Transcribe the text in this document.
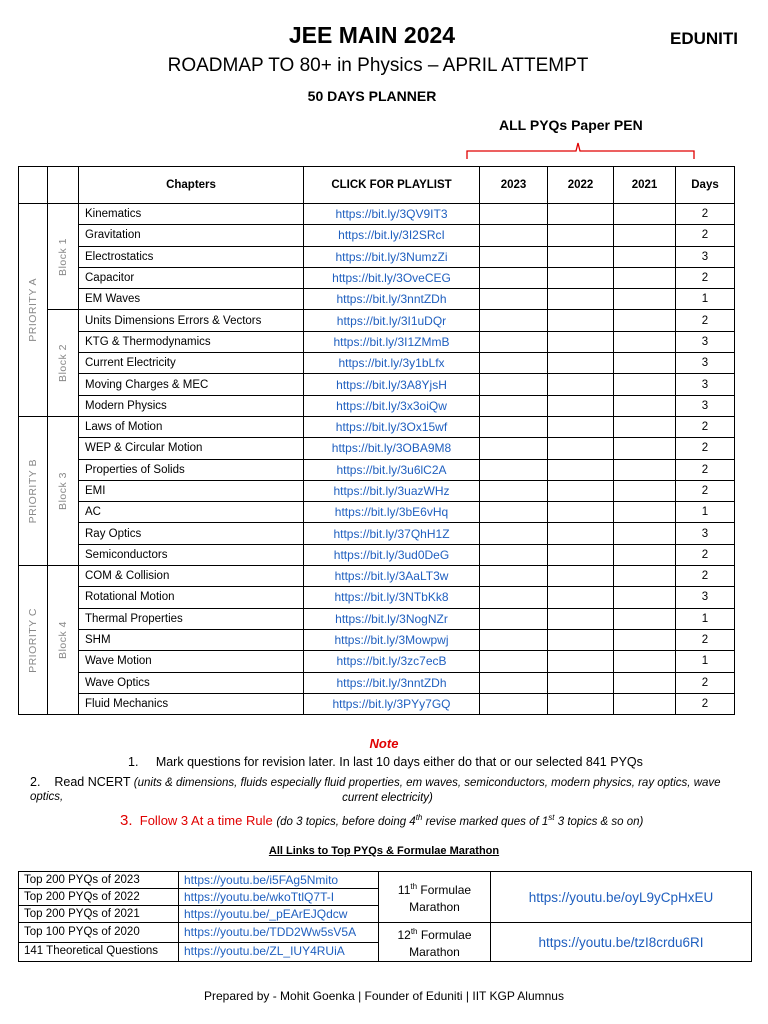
JEE MAIN 2024	EDUNITI
ROADMAP TO 80+ in Physics – APRIL ATTEMPT
50 DAYS PLANNER
ALL PYQs Paper PEN
		Chapters	CLICK FOR PLAYLIST	2023	2022	2021	Days

PRIORITY A	Block 1	Kinematics	https://bit.ly/3QV9IT3				2
		Gravitation	https://bit.ly/3I2SRcI				2
		Electrostatics	https://bit.ly/3NumzZi				3
		Capacitor	https://bit.ly/3OveCEG				2
		EM Waves	https://bit.ly/3nntZDh				1

	Block 2	Units Dimensions Errors & Vectors	https://bit.ly/3I1uDQr				2
		KTG & Thermodynamics	https://bit.ly/3I1ZMmB				3
		Current Electricity	https://bit.ly/3y1bLfx				3
		Moving Charges & MEC	https://bit.ly/3A8YjsH				3
		Modern Physics	https://bit.ly/3x3oiQw				3

PRIORITY B	Block 3	Laws of Motion	https://bit.ly/3Ox15wf				2
		WEP & Circular Motion	https://bit.ly/3OBA9M8				2
		Properties of Solids	https://bit.ly/3u6lC2A				2
		EMI	https://bit.ly/3uazWHz				2
		AC	https://bit.ly/3bE6vHq				1
		Ray Optics	https://bit.ly/37QhH1Z				3
		Semiconductors	https://bit.ly/3ud0DeG				2

PRIORITY C	Block 4	COM & Collision	https://bit.ly/3AaLT3w				2
		Rotational Motion	https://bit.ly/3NTbKk8				3
		Thermal Properties	https://bit.ly/3NogNZr				1
		SHM	https://bit.ly/3Mowpwj				2
		Wave Motion	https://bit.ly/3zc7ecB				1
		Wave Optics	https://bit.ly/3nntZDh				2
		Fluid Mechanics	https://bit.ly/3PYy7GQ				2
Note
1. Mark questions for revision later. In last 10 days either do that or our selected 841 PYQs
2. Read NCERT (units & dimensions, fluids especially fluid properties, em waves, semiconductors, modern physics, ray optics, wave optics,	current electricity)
3. Follow 3 At a time Rule (do 3 topics, before doing 4th revise marked ques of 1st 3 topics & so on)
All Links to Top PYQs & Formulae Marathon
Top 200 PYQs of 2023	https://youtu.be/i5FAg5Nmito	11th Formulae Marathon	https://youtu.be/oyL9yCpHxEU
Top 200 PYQs of 2022	https://youtu.be/wkoTtlQ7T-I		
Top 200 PYQs of 2021	https://youtu.be/_pEArEJQdcw		
Top 100 PYQs of 2020	https://youtu.be/TDD2Ww5sV5A	12th Formulae Marathon	https://youtu.be/tzI8crdu6RI
141 Theoretical Questions	https://youtu.be/ZL_IUY4RUiA		
Prepared by - Mohit Goenka | Founder of Eduniti | IIT KGP Alumnus
